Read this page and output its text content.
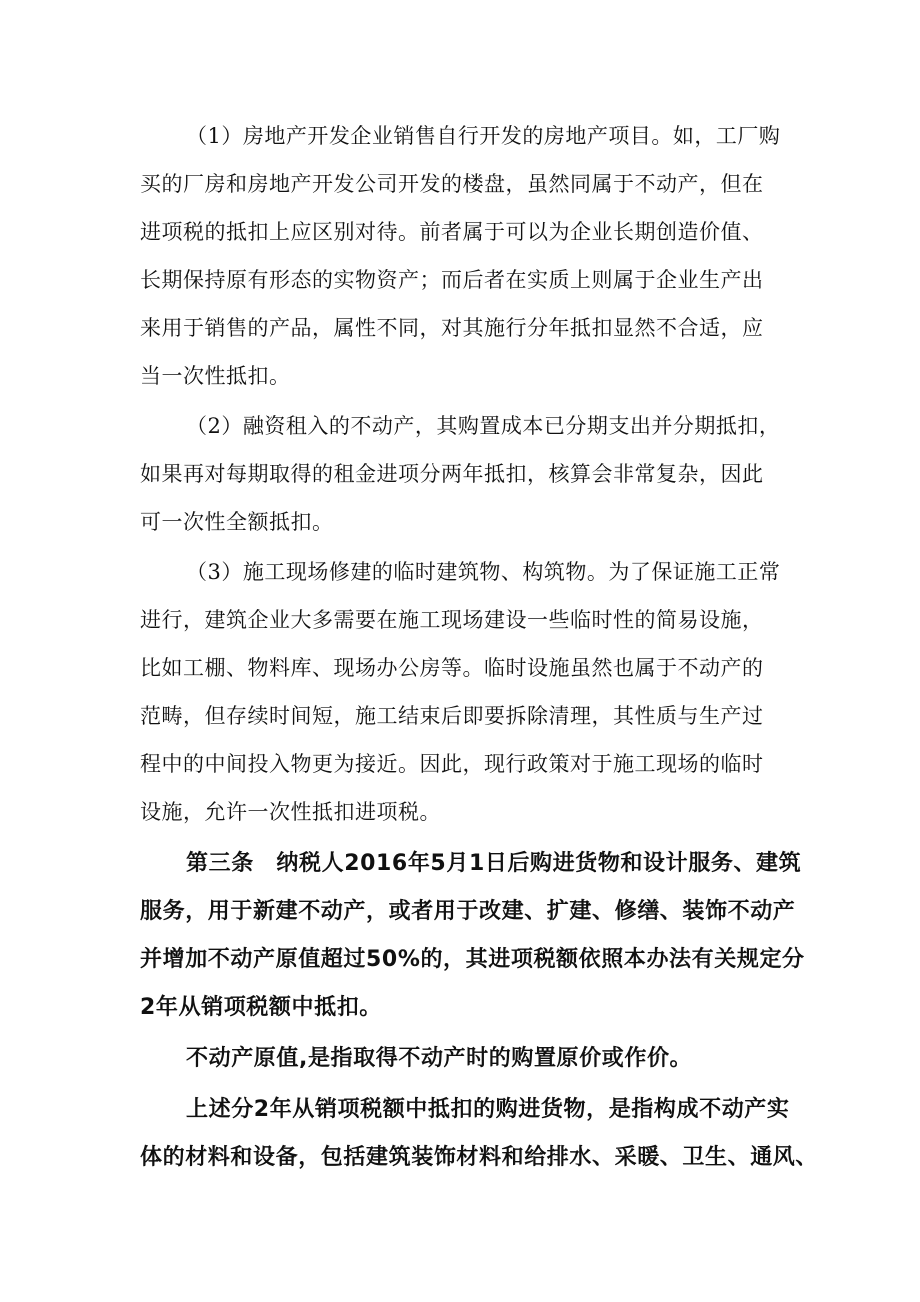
（1）房地产开发企业销售自行开发的房地产项目。如，工厂购
买的厂房和房地产开发公司开发的楼盘，虽然同属于不动产，但在
进项税的抵扣上应区别对待。前者属于可以为企业长期创造价值、
长期保持原有形态的实物资产；而后者在实质上则属于企业生产出
来用于销售的产品，属性不同，对其施行分年抵扣显然不合适，应
当一次性抵扣。
（2）融资租入的不动产，其购置成本已分期支出并分期抵扣，
如果再对每期取得的租金进项分两年抵扣，核算会非常复杂，因此
可一次性全额抵扣。
（3）施工现场修建的临时建筑物、构筑物。为了保证施工正常
进行，建筑企业大多需要在施工现场建设一些临时性的简易设施，
比如工棚、物料库、现场办公房等。临时设施虽然也属于不动产的
范畴，但存续时间短，施工结束后即要拆除清理，其性质与生产过
程中的中间投入物更为接近。因此，现行政策对于施工现场的临时
设施，允许一次性抵扣进项税。
第三条　纳税人2016年5月1日后购进货物和设计服务、建筑
服务，用于新建不动产，或者用于改建、扩建、修缮、装饰不动产
并增加不动产原值超过50%的，其进项税额依照本办法有关规定分
2年从销项税额中抵扣。
不动产原值,是指取得不动产时的购置原价或作价。
上述分2年从销项税额中抵扣的购进货物，是指构成不动产实
体的材料和设备，包括建筑装饰材料和给排水、采暖、卫生、通风、
